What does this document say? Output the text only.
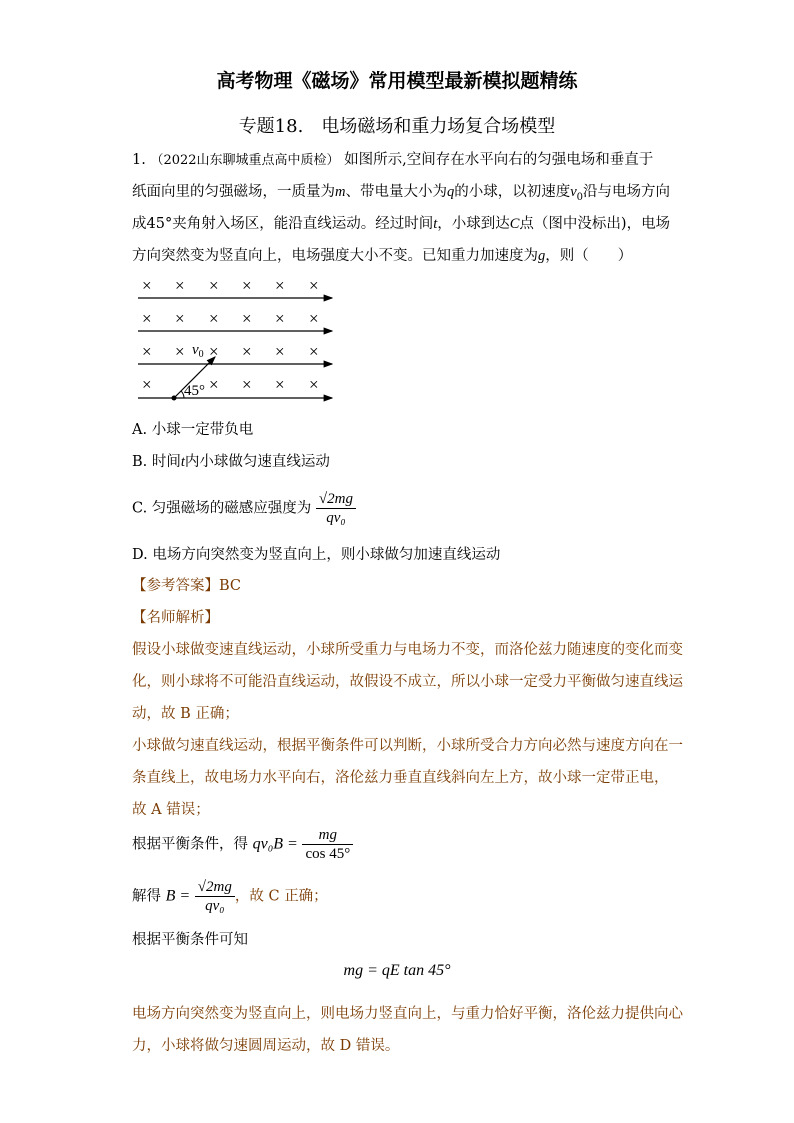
高考物理《磁场》常用模型最新模拟题精练
专题18.　电场磁场和重力场复合场模型
1. （2022山东聊城重点高中质检） 如图所示,空间存在水平向右的匀强电场和垂直于
纸面向里的匀强磁场，一质量为m、带电量大小为q的小球，以初速度$v_0$沿与电场方向
成45°夹角射入场区，能沿直线运动。经过时间t，小球到达C点（图中没标出)，电场
方向突然变为竖直向上，电场强度大小不变。已知重力加速度为g，则（　　）
× × × × × ×
× × × × × ×
× × × × × ×
×	× × × ×
$v_0$
45°
A. 小球一定带负电
B. 时间t内小球做匀速直线运动
C. 匀强磁场的磁感应强度为 $\frac{√2mg}{\text{qv₀}}$
D. 电场方向突然变为竖直向上，则小球做匀加速直线运动
【参考答案】BC
【名师解析】
假设小球做变速直线运动，小球所受重力与电场力不变，而洛伦兹力随速度的变化而变
化，则小球将不可能沿直线运动，故假设不成立，所以小球一定受力平衡做匀速直线运
动，故 B 正确；
小球做匀速直线运动，根据平衡条件可以判断，小球所受合力方向必然与速度方向在一
条直线上，故电场力水平向右，洛伦兹力垂直直线斜向左上方，故小球一定带正电，
故 A 错误；
根据平衡条件，得 $qv_0B = \frac{mg}{\cos 45^\circ}$
解得 $B = \frac{√2mg}{\text{qv₀}}$ ，故 C 正确；
根据平衡条件可知
mg = qE tan 45°
电场方向突然变为竖直向上，则电场力竖直向上，与重力恰好平衡，洛伦兹力提供向心
力，小球将做匀速圆周运动，故 D 错误。
